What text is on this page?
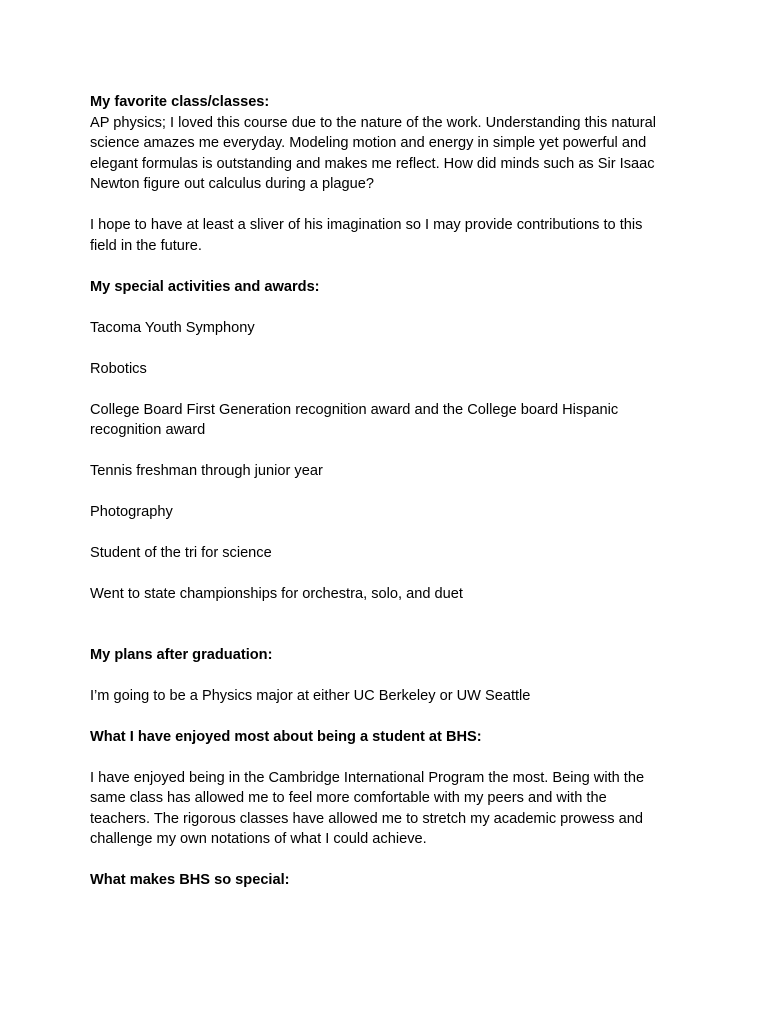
My favorite class/classes:

AP physics; I loved this course due to the nature of the work. Understanding this natural

science amazes me everyday. Modeling motion and energy in simple yet powerful and

elegant formulas is outstanding and makes me reflect. How did minds such as Sir Isaac

Newton figure out calculus during a plague?

I hope to have at least a sliver of his imagination so I may provide contributions to this

field in the future.

My special activities and awards:

Tacoma Youth Symphony

Robotics

College Board First Generation recognition award and the College board Hispanic

recognition award

Tennis freshman through junior year

Photography

Student of the tri for science

Went to state championships for orchestra, solo, and duet

My plans after graduation:

I’m going to be a Physics major at either UC Berkeley or UW Seattle

What I have enjoyed most about being a student at BHS:

I have enjoyed being in the Cambridge International Program the most. Being with the

same class has allowed me to feel more comfortable with my peers and with the

teachers. The rigorous classes have allowed me to stretch my academic prowess and

challenge my own notations of what I could achieve.

What makes BHS so special:
